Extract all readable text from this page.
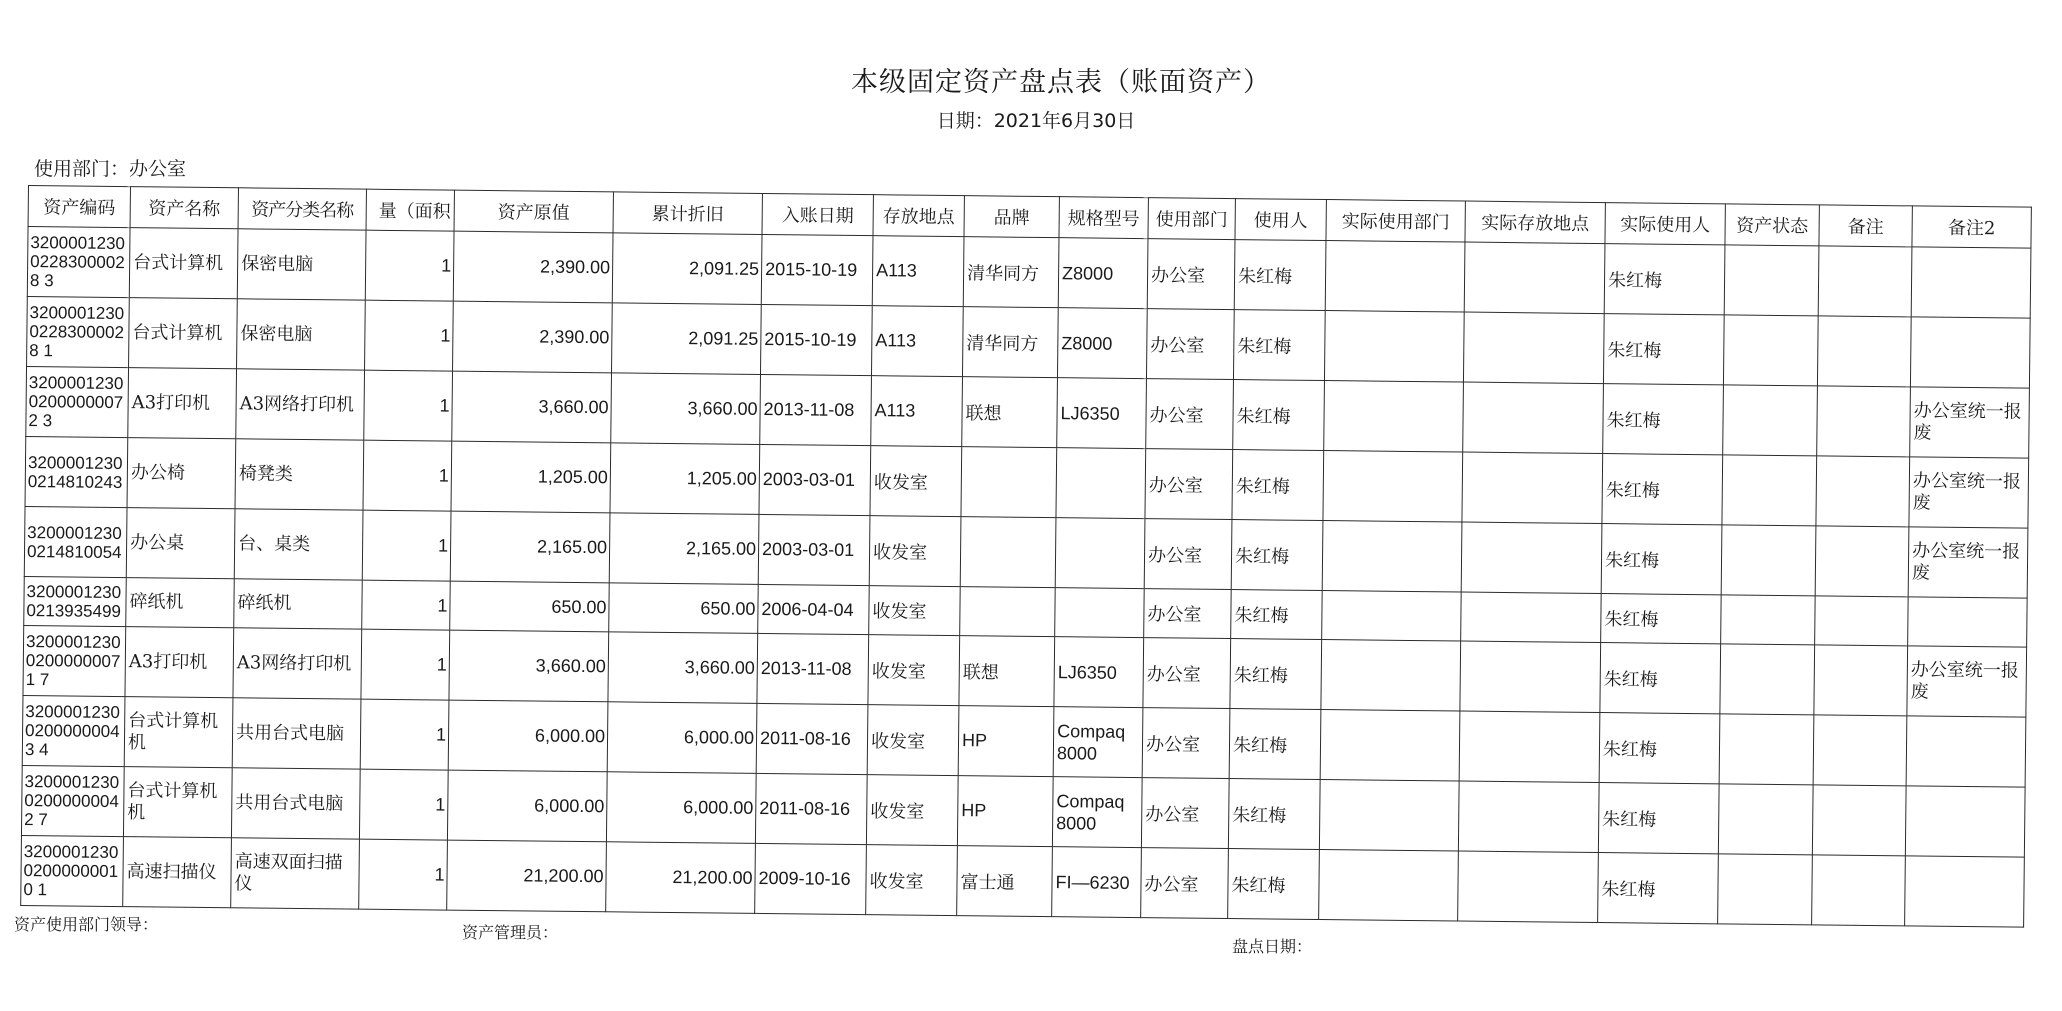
本级固定资产盘点表（账面资产）
日期：2021年6月30日
使用部门：办公室
资产编码	资产名称	资产分类名称	量（面积	资产原值	累计折旧	入账日期	存放地点	品牌	规格型号	使用部门	使用人	实际使用部门	实际存放地点	实际使用人	资产状态	备注	备注2
320000123002283000028 3	台式计算机	保密电脑	1	2,390.00	2,091.25	2015-10-19	A113	清华同方	Z8000	办公室	朱红梅			朱红梅			
320000123002283000028 1	台式计算机	保密电脑	1	2,390.00	2,091.25	2015-10-19	A113	清华同方	Z8000	办公室	朱红梅			朱红梅			
320000123002000000072 3	A3打印机	A3网络打印机	1	3,660.00	3,660.00	2013-11-08	A113	联想	LJ6350	办公室	朱红梅			朱红梅			办公室统一报废
32000012300214810243	办公椅	椅凳类	1	1,205.00	1,205.00	2003-03-01	收发室			办公室	朱红梅			朱红梅			办公室统一报废
32000012300214810054	办公桌	台、桌类	1	2,165.00	2,165.00	2003-03-01	收发室			办公室	朱红梅			朱红梅			办公室统一报废
32000012300213935499	碎纸机	碎纸机	1	650.00	650.00	2006-04-04	收发室			办公室	朱红梅			朱红梅			
320000123002000000071 7	A3打印机	A3网络打印机	1	3,660.00	3,660.00	2013-11-08	收发室	联想	LJ6350	办公室	朱红梅			朱红梅			办公室统一报废
320000123002000000043 4	台式计算机机	共用台式电脑	1	6,000.00	6,000.00	2011-08-16	收发室	HP	Compaq 8000	办公室	朱红梅			朱红梅			
320000123002000000042 7	台式计算机机	共用台式电脑	1	6,000.00	6,000.00	2011-08-16	收发室	HP	Compaq 8000	办公室	朱红梅			朱红梅			
320000123002000000010 1	高速扫描仪	高速双面扫描仪	1	21,200.00	21,200.00	2009-10-16	收发室	富士通	FI—6230	办公室	朱红梅			朱红梅			
资产使用部门领导：	资产管理员：
盘点日期：
